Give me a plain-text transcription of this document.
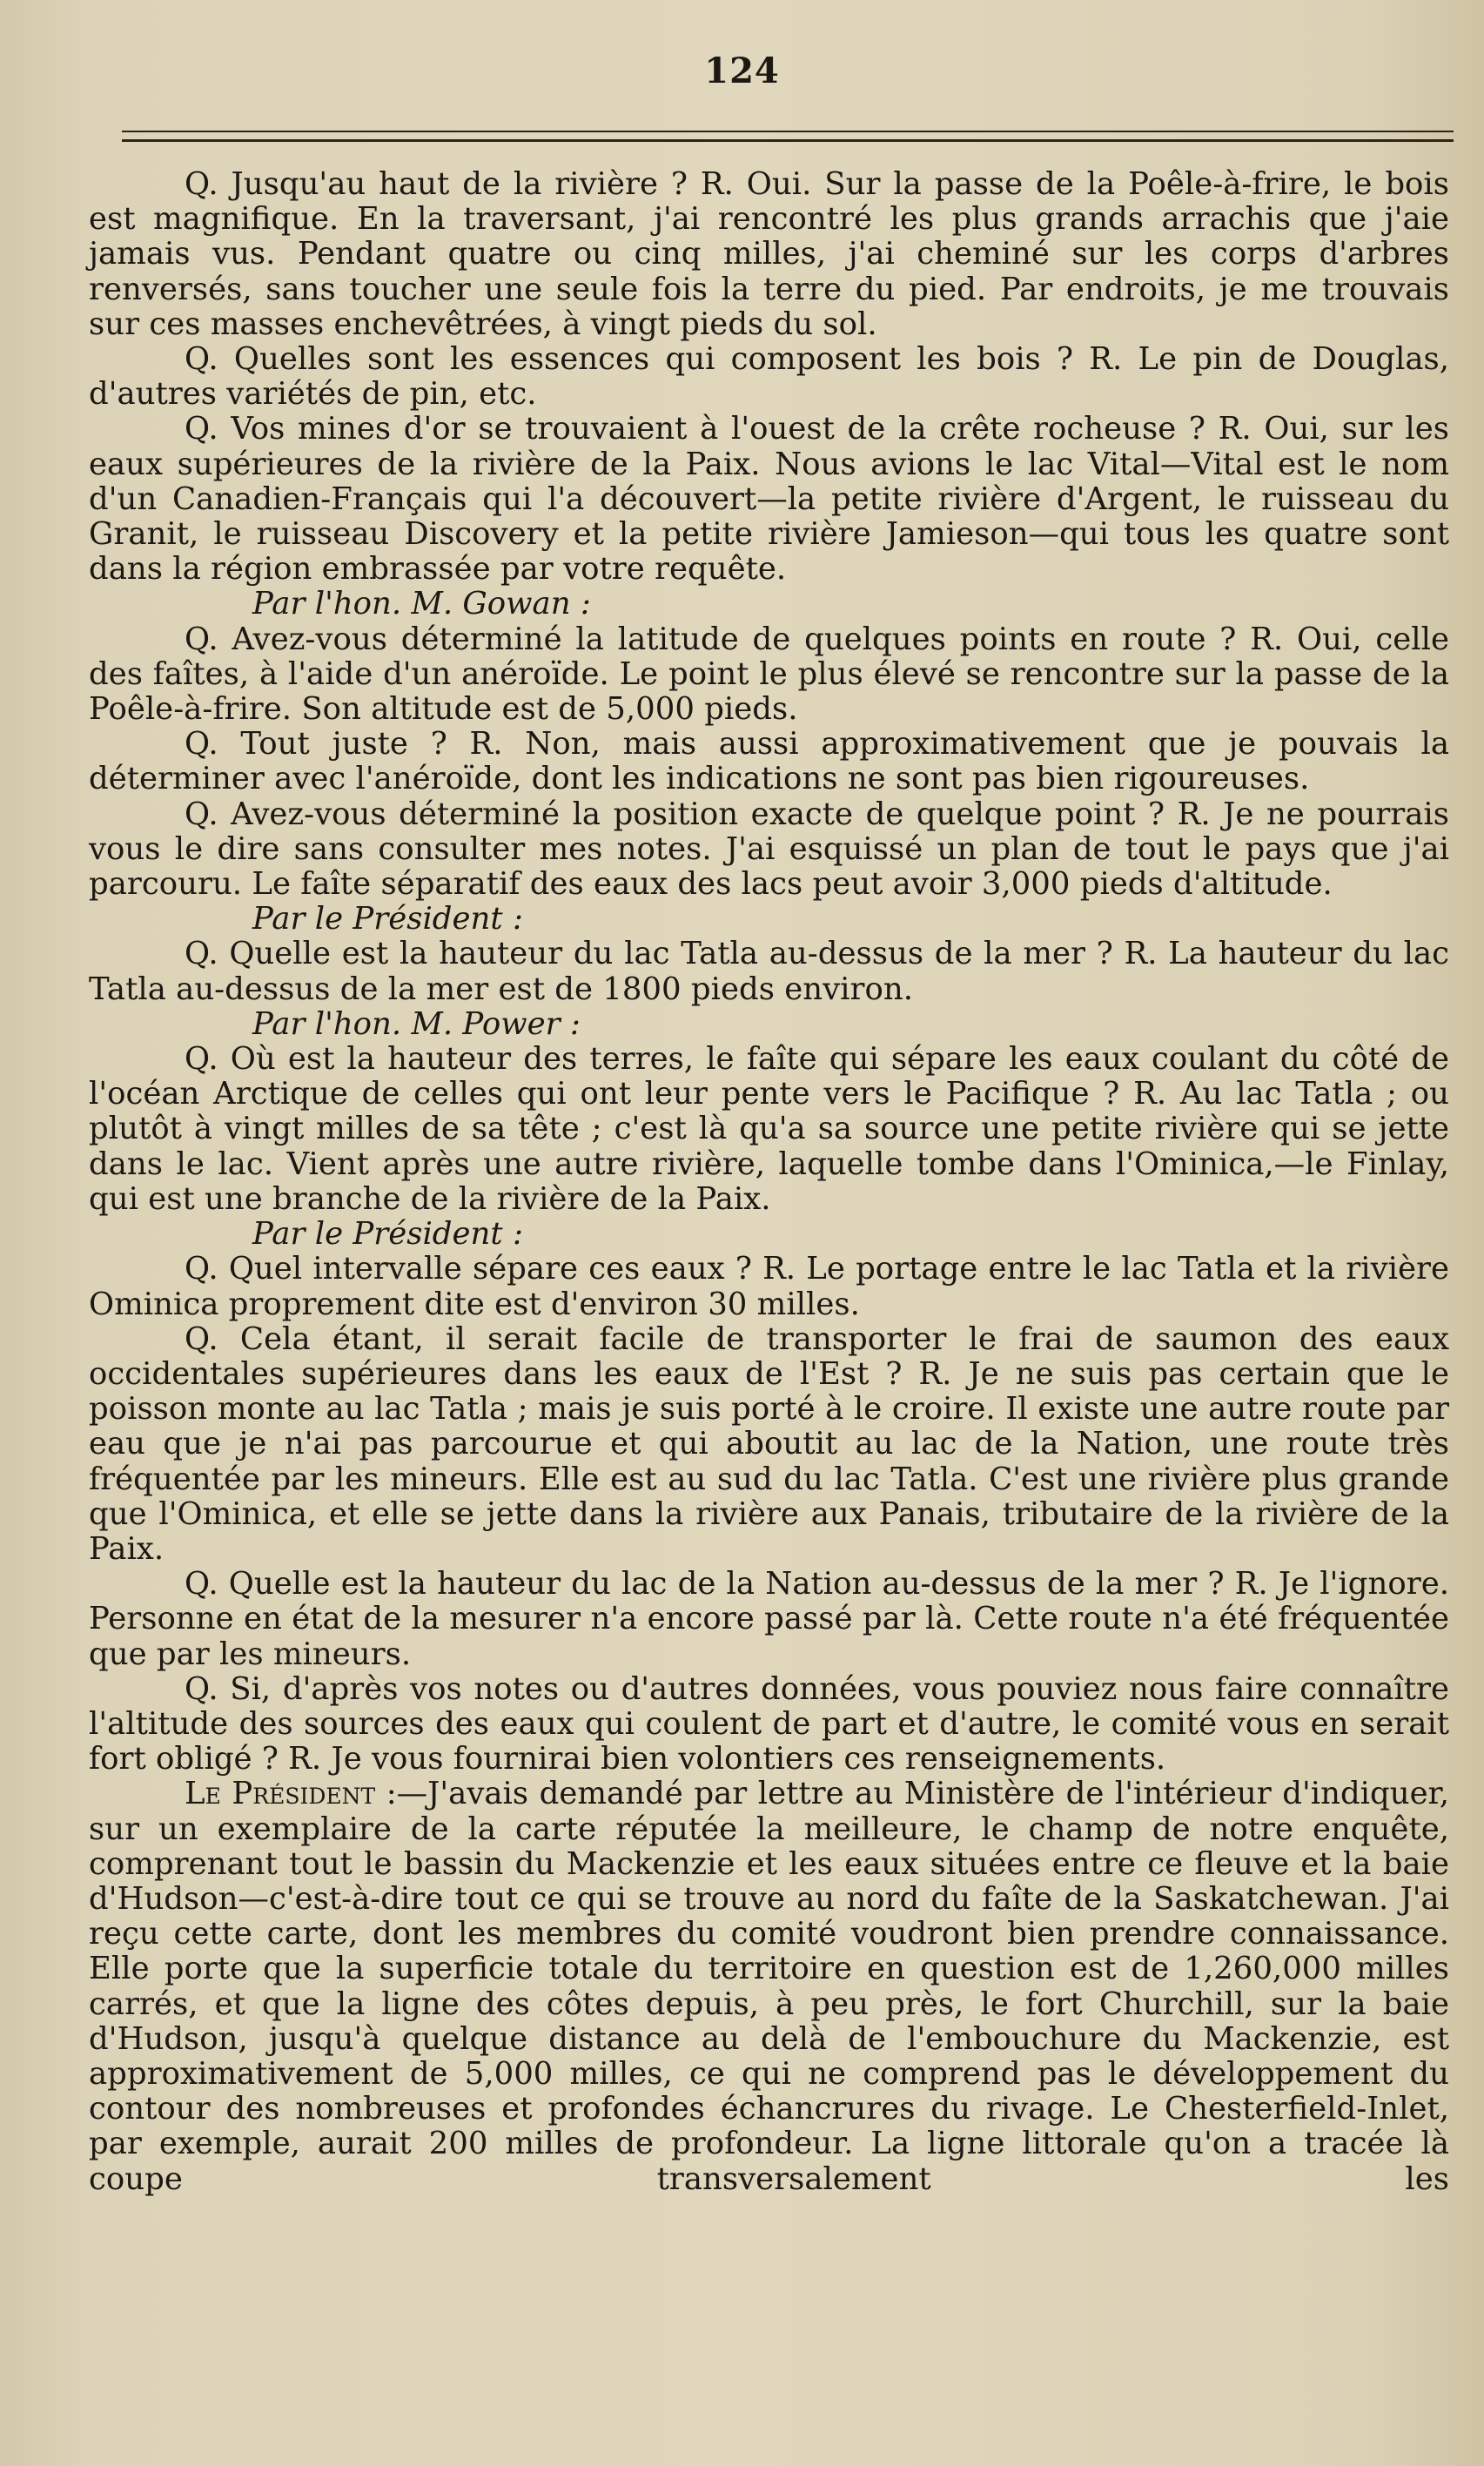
124

Q. Jusqu'au haut de la rivière ? R. Oui. Sur la passe de la Poêle-à-frire, le bois est magnifique. En la traversant, j'ai rencontré les plus grands arrachis que j'aie jamais vus. Pendant quatre ou cinq milles, j'ai cheminé sur les corps d'arbres renversés, sans toucher une seule fois la terre du pied. Par endroits, je me trouvais sur ces masses enchevêtrées, à vingt pieds du sol.

Q. Quelles sont les essences qui composent les bois ? R. Le pin de Douglas, d'autres variétés de pin, etc.

Q. Vos mines d'or se trouvaient à l'ouest de la crête rocheuse ? R. Oui, sur les eaux supérieures de la rivière de la Paix. Nous avions le lac Vital—Vital est le nom d'un Canadien-Français qui l'a découvert—la petite rivière d'Argent, le ruisseau du Granit, le ruisseau Discovery et la petite rivière Jamieson—qui tous les quatre sont dans la région embrassée par votre requête.

Par l'hon. M. Gowan :

Q. Avez-vous déterminé la latitude de quelques points en route ? R. Oui, celle des faîtes, à l'aide d'un anéroïde. Le point le plus élevé se rencontre sur la passe de la Poêle-à-frire. Son altitude est de 5,000 pieds.

Q. Tout juste ? R. Non, mais aussi approximativement que je pouvais la déterminer avec l'anéroïde, dont les indications ne sont pas bien rigoureuses.

Q. Avez-vous déterminé la position exacte de quelque point ? R. Je ne pourrais vous le dire sans consulter mes notes. J'ai esquissé un plan de tout le pays que j'ai parcouru. Le faîte séparatif des eaux des lacs peut avoir 3,000 pieds d'altitude.

Par le Président :

Q. Quelle est la hauteur du lac Tatla au-dessus de la mer ? R. La hauteur du lac Tatla au-dessus de la mer est de 1800 pieds environ.

Par l'hon. M. Power :

Q. Où est la hauteur des terres, le faîte qui sépare les eaux coulant du côté de l'océan Arctique de celles qui ont leur pente vers le Pacifique ? R. Au lac Tatla ; ou plutôt à vingt milles de sa tête ; c'est là qu'a sa source une petite rivière qui se jette dans le lac. Vient après une autre rivière, laquelle tombe dans l'Ominica,—le Finlay, qui est une branche de la rivière de la Paix.

Par le Président :

Q. Quel intervalle sépare ces eaux ? R. Le portage entre le lac Tatla et la rivière Ominica proprement dite est d'environ 30 milles.

Q. Cela étant, il serait facile de transporter le frai de saumon des eaux occidentales supérieures dans les eaux de l'Est ? R. Je ne suis pas certain que le poisson monte au lac Tatla ; mais je suis porté à le croire. Il existe une autre route par eau que je n'ai pas parcourue et qui aboutit au lac de la Nation, une route très fréquentée par les mineurs. Elle est au sud du lac Tatla. C'est une rivière plus grande que l'Ominica, et elle se jette dans la rivière aux Panais, tributaire de la rivière de la Paix.

Q. Quelle est la hauteur du lac de la Nation au-dessus de la mer ? R. Je l'ignore. Personne en état de la mesurer n'a encore passé par là. Cette route n'a été fréquentée que par les mineurs.

Q. Si, d'après vos notes ou d'autres données, vous pouviez nous faire connaître l'altitude des sources des eaux qui coulent de part et d'autre, le comité vous en serait fort obligé ? R. Je vous fournirai bien volontiers ces renseignements.

Le Président :—J'avais demandé par lettre au Ministère de l'intérieur d'indiquer, sur un exemplaire de la carte réputée la meilleure, le champ de notre enquête, comprenant tout le bassin du Mackenzie et les eaux situées entre ce fleuve et la baie d'Hudson—c'est-à-dire tout ce qui se trouve au nord du faîte de la Saskatchewan. J'ai reçu cette carte, dont les membres du comité voudront bien prendre connaissance. Elle porte que la superficie totale du territoire en question est de 1,260,000 milles carrés, et que la ligne des côtes depuis, à peu près, le fort Churchill, sur la baie d'Hudson, jusqu'à quelque distance au delà de l'embouchure du Mackenzie, est approximativement de 5,000 milles, ce qui ne comprend pas le développement du contour des nombreuses et profondes échancrures du rivage. Le Chesterfield-Inlet, par exemple, aurait 200 milles de profondeur. La ligne littorale qu'on a tracée là coupe transversalement les
